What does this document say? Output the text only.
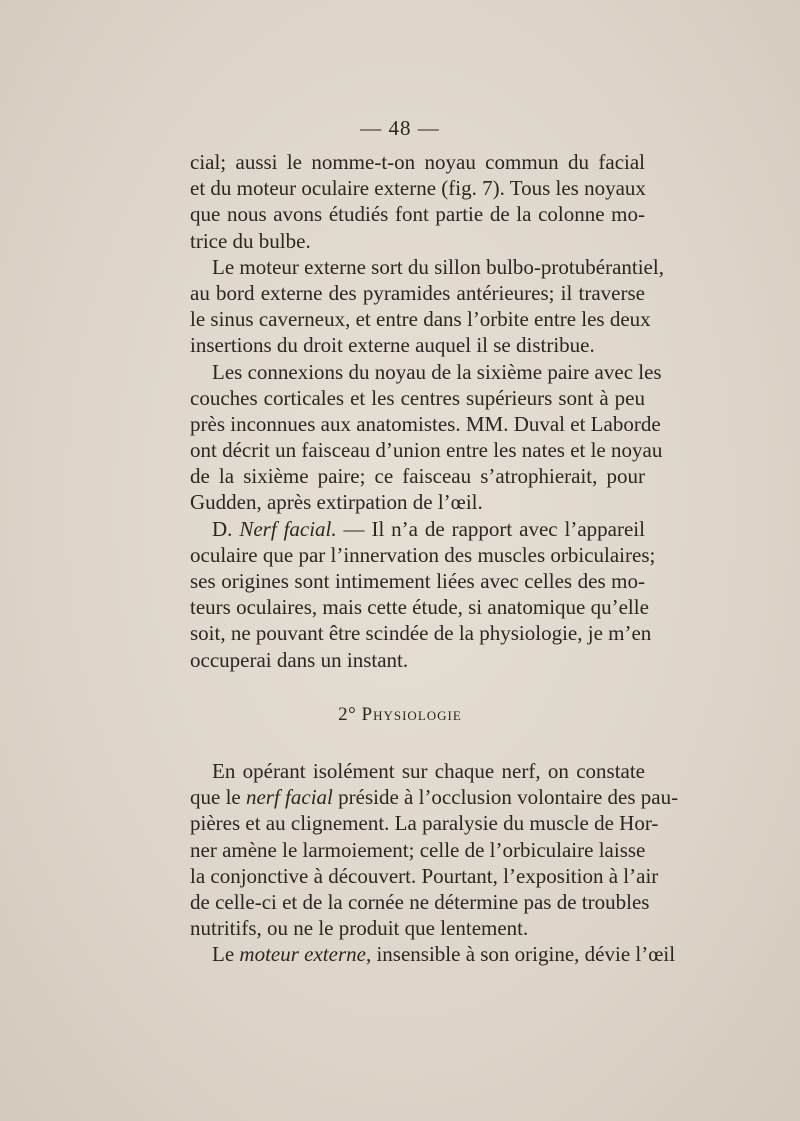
— 48 —
cial; aussi le nomme-t-on noyau commun du facial
et du moteur oculaire externe (fig. 7). Tous les noyaux
que nous avons étudiés font partie de la colonne mo-
trice du bulbe.
Le moteur externe sort du sillon bulbo-protubérantiel,
au bord externe des pyramides antérieures; il traverse
le sinus caverneux, et entre dans l’orbite entre les deux
insertions du droit externe auquel il se distribue.
Les connexions du noyau de la sixième paire avec les
couches corticales et les centres supérieurs sont à peu
près inconnues aux anatomistes. MM. Duval et Laborde
ont décrit un faisceau d’union entre les nates et le noyau
de la sixième paire; ce faisceau s’atrophierait, pour
Gudden, après extirpation de l’œil.
D. Nerf facial. — Il n’a de rapport avec l’appareil
oculaire que par l’innervation des muscles orbiculaires;
ses origines sont intimement liées avec celles des mo-
teurs oculaires, mais cette étude, si anatomique qu’elle
soit, ne pouvant être scindée de la physiologie, je m’en
occuperai dans un instant.
2° Physiologie
En opérant isolément sur chaque nerf, on constate
que le nerf facial préside à l’occlusion volontaire des pau-
pières et au clignement. La paralysie du muscle de Hor-
ner amène le larmoiement; celle de l’orbiculaire laisse
la conjonctive à découvert. Pourtant, l’exposition à l’air
de celle-ci et de la cornée ne détermine pas de troubles
nutritifs, ou ne le produit que lentement.
Le moteur externe, insensible à son origine, dévie l’œil
